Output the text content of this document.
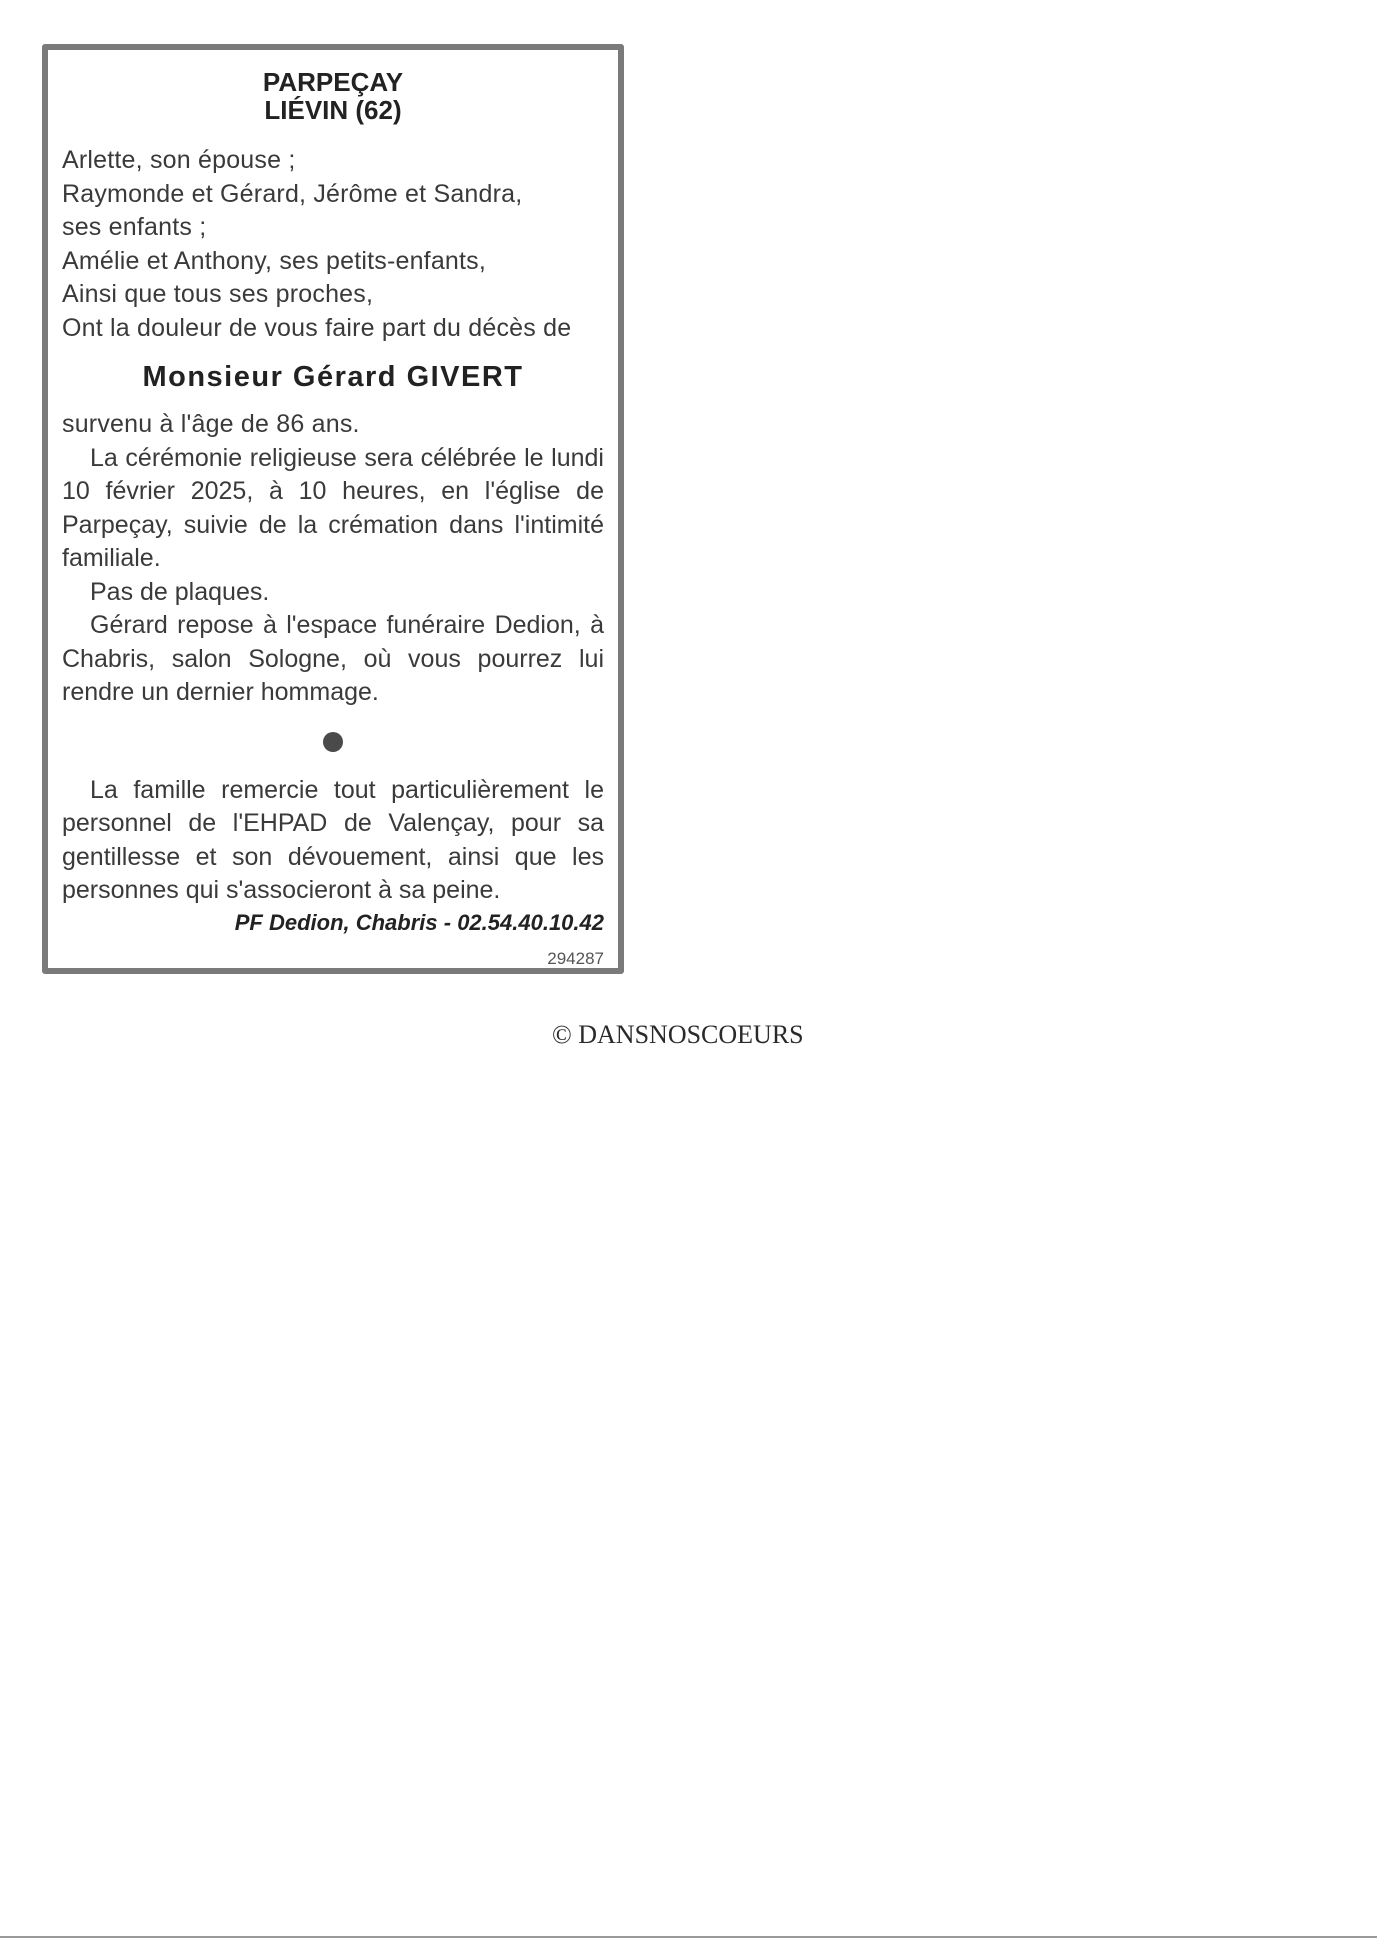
PARPEÇAY
LIÉVIN (62)
Arlette, son épouse ;
Raymonde et Gérard, Jérôme et Sandra,
ses enfants ;
Amélie et Anthony, ses petits-enfants,
Ainsi que tous ses proches,
Ont la douleur de vous faire part du décès de
Monsieur Gérard GIVERT
survenu à l'âge de 86 ans.

La cérémonie religieuse sera célébrée le lundi 10 février 2025, à 10 heures, en l'église de Parpeçay, suivie de la crémation dans l'intimité familiale.

Pas de plaques.

Gérard repose à l'espace funéraire Dedion, à Chabris, salon Sologne, où vous pourrez lui rendre un dernier hommage.

La famille remercie tout particulièrement le personnel de l'EHPAD de Valençay, pour sa gentillesse et son dévouement, ainsi que les personnes qui s'associeront à sa peine.

PF Dedion, Chabris - 02.54.40.10.42
294287
© DANSNOSCOEURS
